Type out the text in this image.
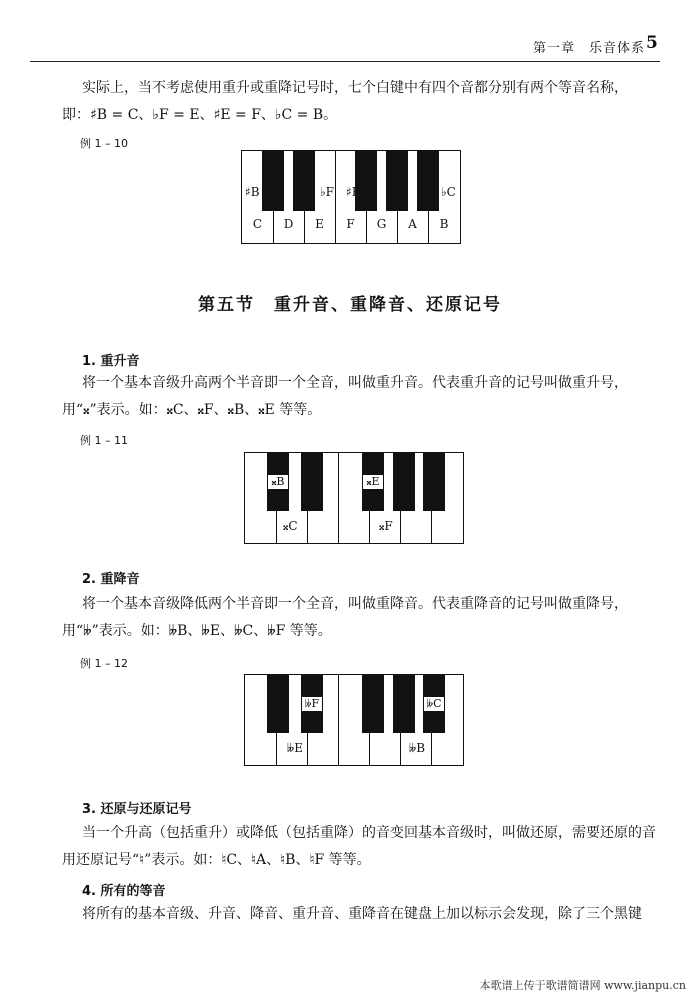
第一章　乐音体系 5
实际上，当不考虑使用重升或重降记号时，七个白键中有四个音都分别有两个等音名称，
即：♯B = C、♭F = E、♯E = F、♭C = B。
例 1 – 10
♯B	♭F ♯E	♭C
C	D	E	F	G	A	B
第五节　重升音、重降音、还原记号
1. 重升音
将一个基本音级升高两个半音即一个全音，叫做重升音。代表重升音的记号叫做重升号，
用“𝄪”表示。如：𝄪C、𝄪F、𝄪B、𝄪E 等等。
例 1 – 11
𝄪B
𝄪C
𝄪E
𝄪F
2. 重降音
将一个基本音级降低两个半音即一个全音，叫做重降音。代表重降音的记号叫做重降号，
用“𝄫”表示。如：𝄫B、𝄫E、𝄫C、𝄫F 等等。
例 1 – 12
𝄫F
𝄫E
𝄫C
𝄫B
3. 还原与还原记号
当一个升高（包括重升）或降低（包括重降）的音变回基本音级时，叫做还原，需要还原的音
用还原记号“♮”表示。如：♮C、♮A、♮B、♮F 等等。
4. 所有的等音
将所有的基本音级、升音、降音、重升音、重降音在键盘上加以标示会发现，除了三个黑键
本歌谱上传于歌谱简谱网 www.jianpu.cn
